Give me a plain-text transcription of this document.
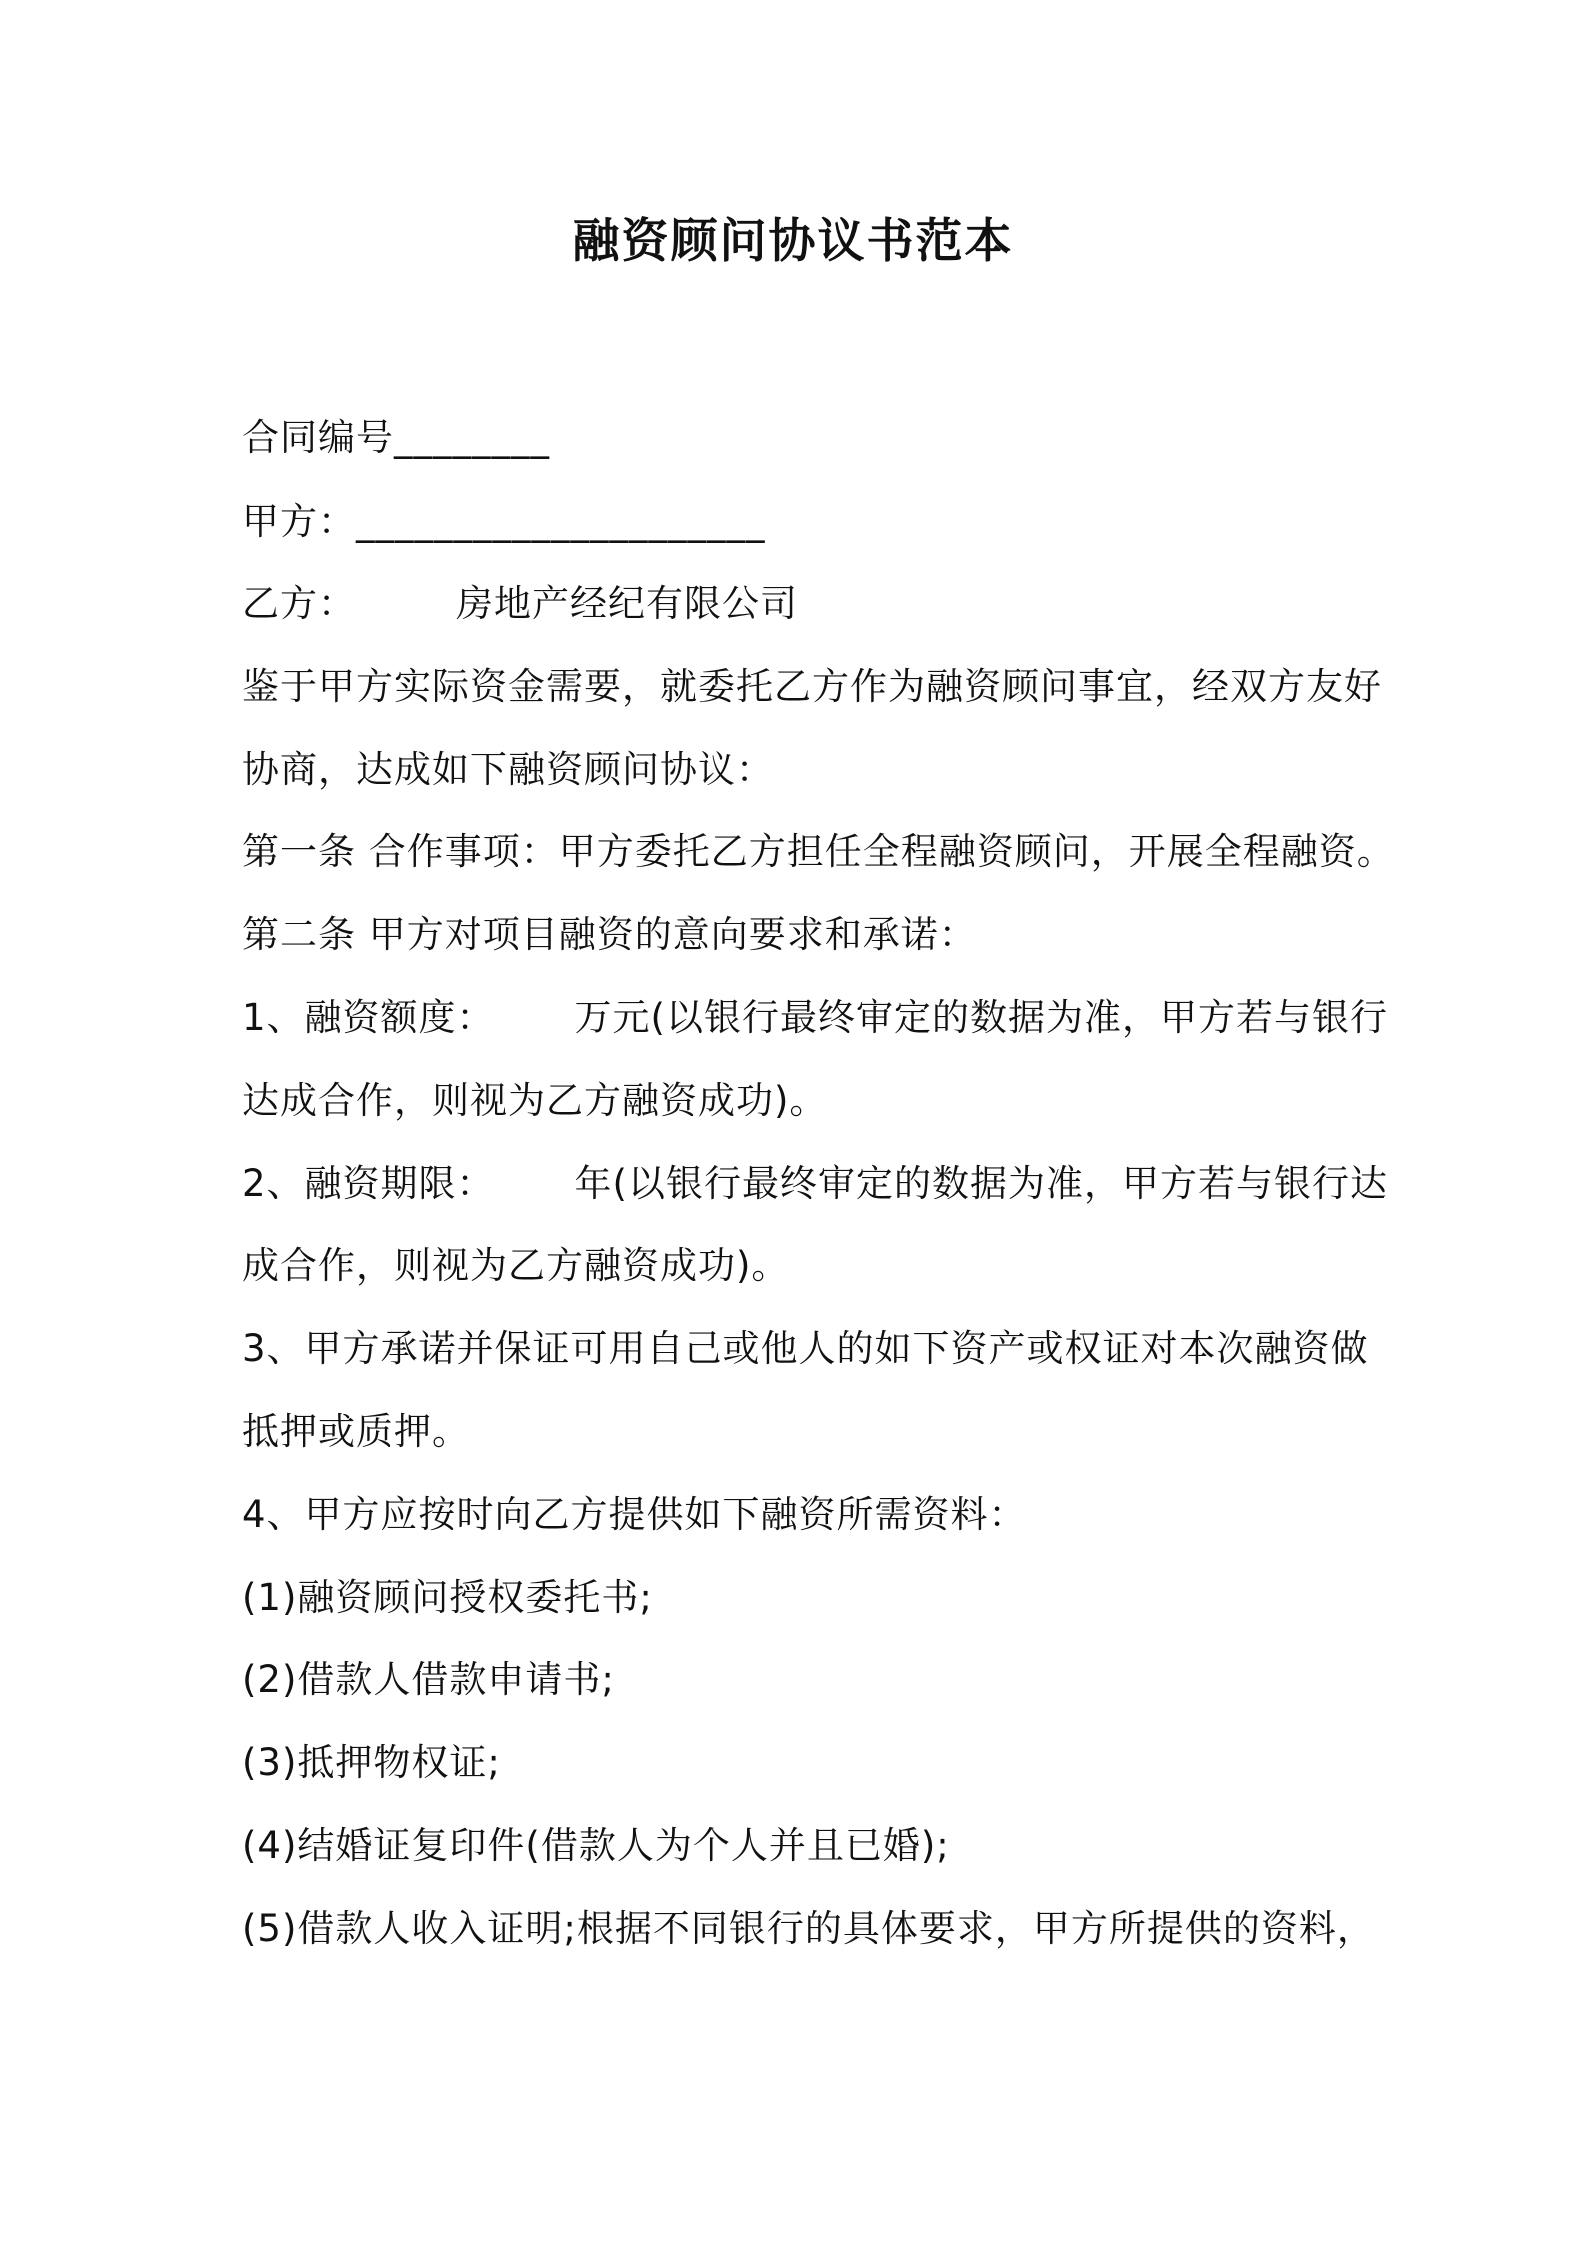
融资顾问协议书范本
合同编号________
甲方：_____________________
乙方：	房地产经纪有限公司
鉴于甲方实际资金需要，就委托乙方作为融资顾问事宜，经双方友好
协商，达成如下融资顾问协议：
第一条 合作事项：甲方委托乙方担任全程融资顾问，开展全程融资。
第二条 甲方对项目融资的意向要求和承诺：
1、融资额度： 万元(以银行最终审定的数据为准，甲方若与银行
达成合作，则视为乙方融资成功)。
2、融资期限： 年(以银行最终审定的数据为准，甲方若与银行达
成合作，则视为乙方融资成功)。
3、甲方承诺并保证可用自己或他人的如下资产或权证对本次融资做
抵押或质押。
4、甲方应按时向乙方提供如下融资所需资料：
(1)融资顾问授权委托书;
(2)借款人借款申请书;
(3)抵押物权证;
(4)结婚证复印件(借款人为个人并且已婚);
(5)借款人收入证明;根据不同银行的具体要求，甲方所提供的资料，
